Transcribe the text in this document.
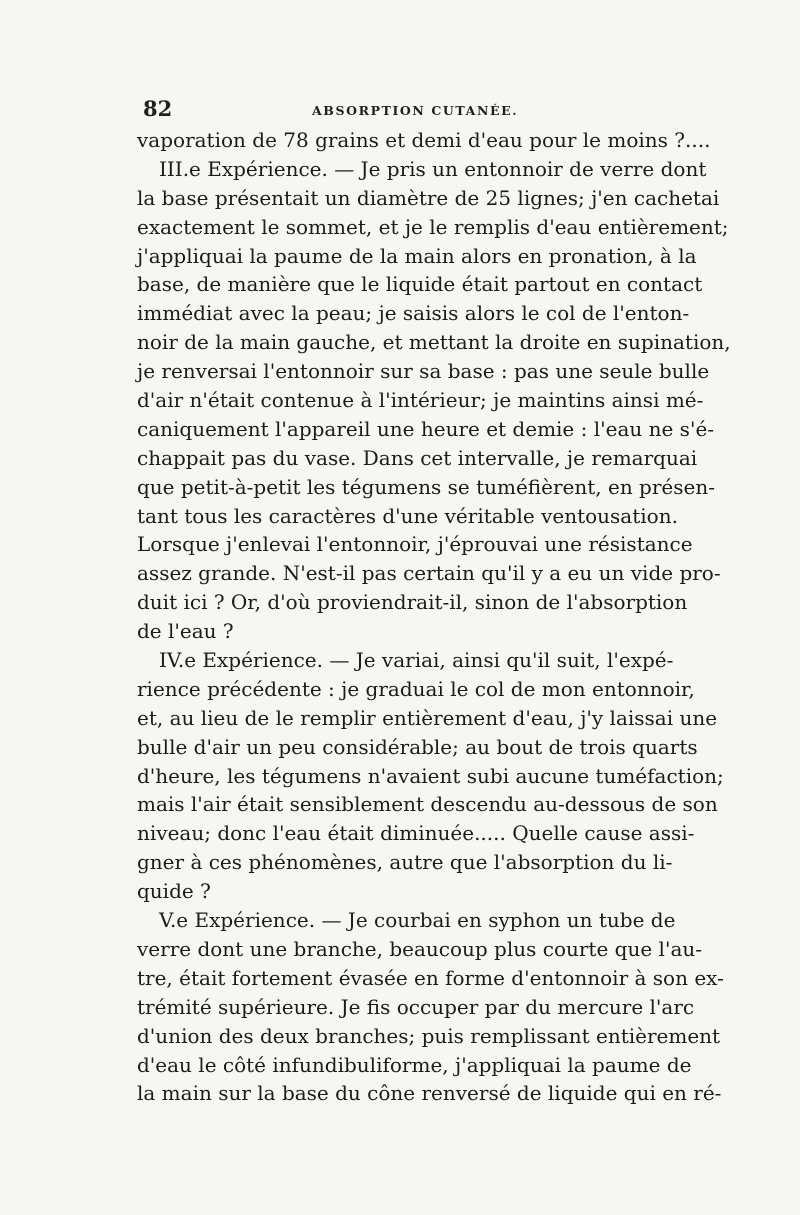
82	ABSORPTION CUTANÉE.
vaporation de 78 grains et demi d'eau pour le moins ?....
III.e Expérience. — Je pris un entonnoir de verre dont
la base présentait un diamètre de 25 lignes; j'en cachetai
exactement le sommet, et je le remplis d'eau entièrement;
j'appliquai la paume de la main alors en pronation, à la
base, de manière que le liquide était partout en contact
immédiat avec la peau; je saisis alors le col de l'enton-
noir de la main gauche, et mettant la droite en supination,
je renversai l'entonnoir sur sa base : pas une seule bulle
d'air n'était contenue à l'intérieur; je maintins ainsi mé-
caniquement l'appareil une heure et demie : l'eau ne s'é-
chappait pas du vase. Dans cet intervalle, je remarquai
que petit-à-petit les tégumens se tuméfièrent, en présen-
tant tous les caractères d'une véritable ventousation.
Lorsque j'enlevai l'entonnoir, j'éprouvai une résistance
assez grande. N'est-il pas certain qu'il y a eu un vide pro-
duit ici ? Or, d'où proviendrait-il, sinon de l'absorption
de l'eau ?
IV.e Expérience. — Je variai, ainsi qu'il suit, l'expé-
rience précédente : je graduai le col de mon entonnoir,
et, au lieu de le remplir entièrement d'eau, j'y laissai une
bulle d'air un peu considérable; au bout de trois quarts
d'heure, les tégumens n'avaient subi aucune tuméfaction;
mais l'air était sensiblement descendu au-dessous de son
niveau; donc l'eau était diminuée..... Quelle cause assi-
gner à ces phénomènes, autre que l'absorption du li-
quide ?
V.e Expérience. — Je courbai en syphon un tube de
verre dont une branche, beaucoup plus courte que l'au-
tre, était fortement évasée en forme d'entonnoir à son ex-
trémité supérieure. Je fis occuper par du mercure l'arc
d'union des deux branches; puis remplissant entièrement
d'eau le côté infundibuliforme, j'appliquai la paume de
la main sur la base du cône renversé de liquide qui en ré-
